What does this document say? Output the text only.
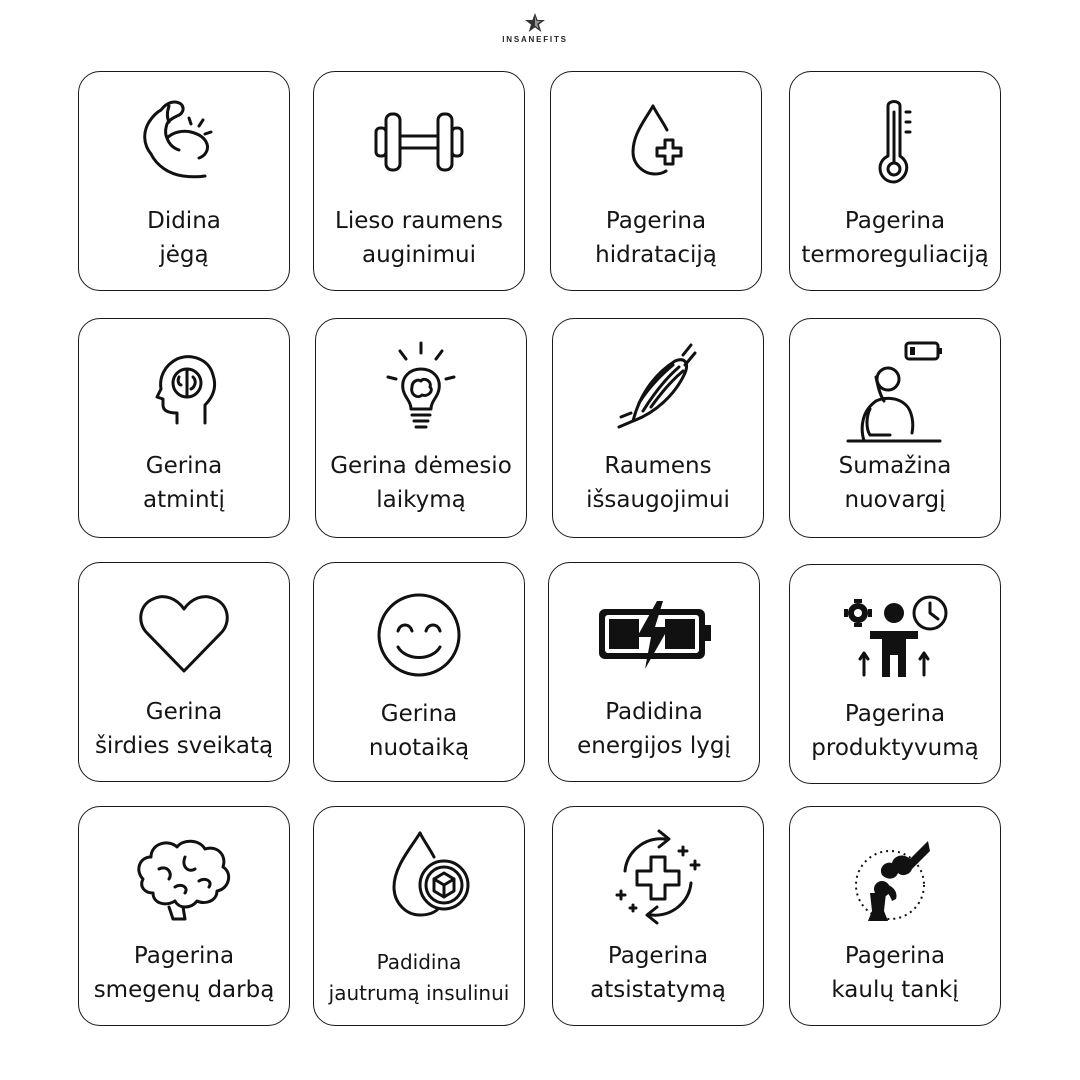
INSANEFITS
Didina
jėgą
Lieso raumens
auginimui
Pagerina
hidrataciją
Pagerina
termoreguliaciją
Gerina
atmintį
Gerina dėmesio
laikymą
Raumens
išsaugojimui
Sumažina
nuovargį
Gerina
širdies sveikatą
Gerina
nuotaiką
Padidina
energijos lygį
Pagerina
produktyvumą
Pagerina
smegenų darbą
Padidina
jautrumą insulinui
Pagerina
atsistatymą
Pagerina
kaulų tankį
